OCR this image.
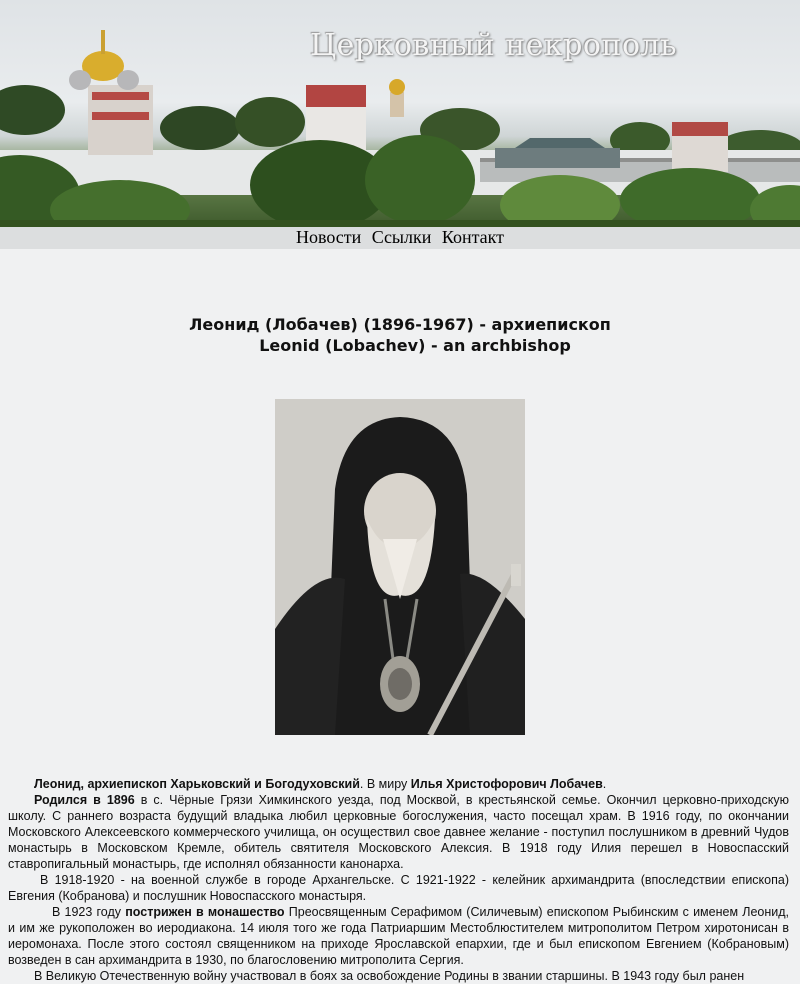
Церковный некрополь
Новости Ссылки Контакт
Леонид (Лобачев) (1896-1967) - архиепископ
Leonid (Lobachev) - an archbishop

Леонид, архиепископ Харьковский и Богодуховский. В миру Илья Христофорович Лобачев.

Родился в 1896 в с. Чёрные Грязи Химкинского уезда, под Москвой, в крестьянской семье. Окончил церковно-приходскую школу. С раннего возраста будущий владыка любил церковные богослужения, часто посещал храм. В 1916 году, по окончании Московского Алексеевского коммерческого училища, он осуществил свое давнее желание - поступил послушником в древний Чудов монастырь в Московском Кремле, обитель святителя Московского Алексия. В 1918 году Илия перешел в Новоспасский ставропигальный монастырь, где исполнял обязанности канонарха.

В 1918-1920 - на военной службе в городе Архангельске. С 1921-1922 - келейник архимандрита (впоследствии епископа) Евгения (Кобранова) и послушник Новоспасского монастыря.

В 1923 году пострижен в монашество Преосвященным Серафимом (Силичевым) епископом Рыбинским с именем Леонид, и им же рукоположен во иеродиакона. 14 июля того же года Патриаршим Местоблюстителем митрополитом Петром хиротонисан в иеромонаха. После этого состоял священником на приходе Ярославской епархии, где и был епископом Евгением (Кобрановым) возведен в сан архимандрита в 1930, по благословению митрополита Сергия.

В Великую Отечественную войну участвовал в боях за освобождение Родины в звании старшины. В 1943 году был ранен
